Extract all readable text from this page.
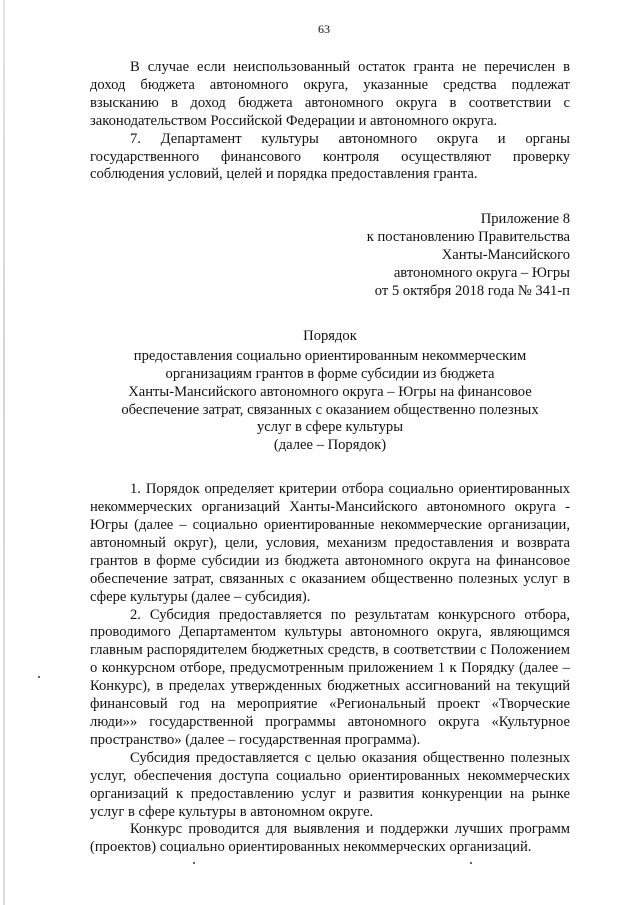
63

В случае если неиспользованный остаток гранта не перечислен в доход бюджета автономного округа, указанные средства подлежат взысканию в доход бюджета автономного округа в соответствии с законодательством Российской Федерации и автономного округа.

7. Департамент культуры автономного округа и органы государственного финансового контроля осуществляют проверку соблюдения условий, целей и порядка предоставления гранта.

Приложение 8
к постановлению Правительства
Ханты-Мансийского
автономного округа – Югры
от 5 октября 2018 года № 341-п
Порядок
предоставления социально ориентированным некоммерческим
организациям грантов в форме субсидии из бюджета
Ханты-Мансийского автономного округа – Югры на финансовое
обеспечение затрат, связанных с оказанием общественно полезных
услуг в сфере культуры
(далее – Порядок)

1. Порядок определяет критерии отбора социально ориентированных некоммерческих организаций Ханты-Мансийского автономного округа - Югры (далее – социально ориентированные некоммерческие организации, автономный округ), цели, условия, механизм предоставления и возврата грантов в форме субсидии из бюджета автономного округа на финансовое обеспечение затрат, связанных с оказанием общественно полезных услуг в сфере культуры (далее – субсидия).

2. Субсидия предоставляется по результатам конкурсного отбора, проводимого Департаментом культуры автономного округа, являющимся главным распорядителем бюджетных средств, в соответствии с Положением о конкурсном отборе, предусмотренным приложением 1 к Порядку (далее – Конкурс), в пределах утвержденных бюджетных ассигнований на текущий финансовый год на мероприятие «Региональный проект «Творческие люди»» государственной программы автономного округа «Культурное пространство» (далее – государственная программа).

Субсидия предоставляется с целью оказания общественно полезных услуг, обеспечения доступа социально ориентированных некоммерческих организаций к предоставлению услуг и развития конкуренции на рынке услуг в сфере культуры в автономном округе.

Конкурс проводится для выявления и поддержки лучших программ (проектов) социально ориентированных некоммерческих организаций.
